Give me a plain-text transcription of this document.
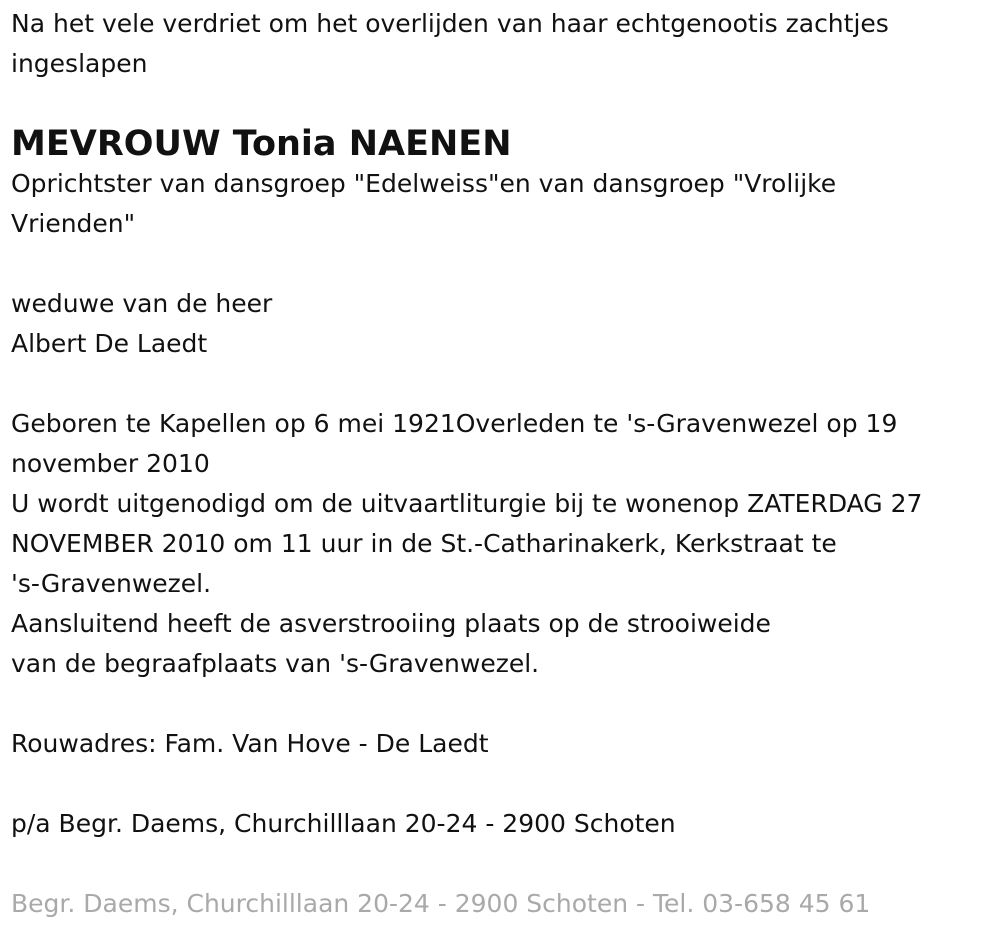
Na het vele verdriet om het overlijden van haar echtgenootis zachtjes

ingeslapen

MEVROUW Tonia NAENEN

Oprichtster van dansgroep "Edelweiss"en van dansgroep "Vrolijke

Vrienden"

weduwe van de heer

Albert De Laedt

Geboren te Kapellen op 6 mei 1921Overleden te 's-Gravenwezel op 19

november 2010

U wordt uitgenodigd om de uitvaartliturgie bij te wonenop ZATERDAG 27

NOVEMBER 2010 om 11 uur in de St.-Catharinakerk, Kerkstraat te

's-Gravenwezel.

Aansluitend heeft de asverstrooiing plaats op de strooiweide

van de begraafplaats van 's-Gravenwezel.

Rouwadres: Fam. Van Hove - De Laedt

p/a Begr. Daems, Churchilllaan 20-24 - 2900 Schoten

Begr. Daems, Churchilllaan 20-24 - 2900 Schoten - Tel. 03-658 45 61
